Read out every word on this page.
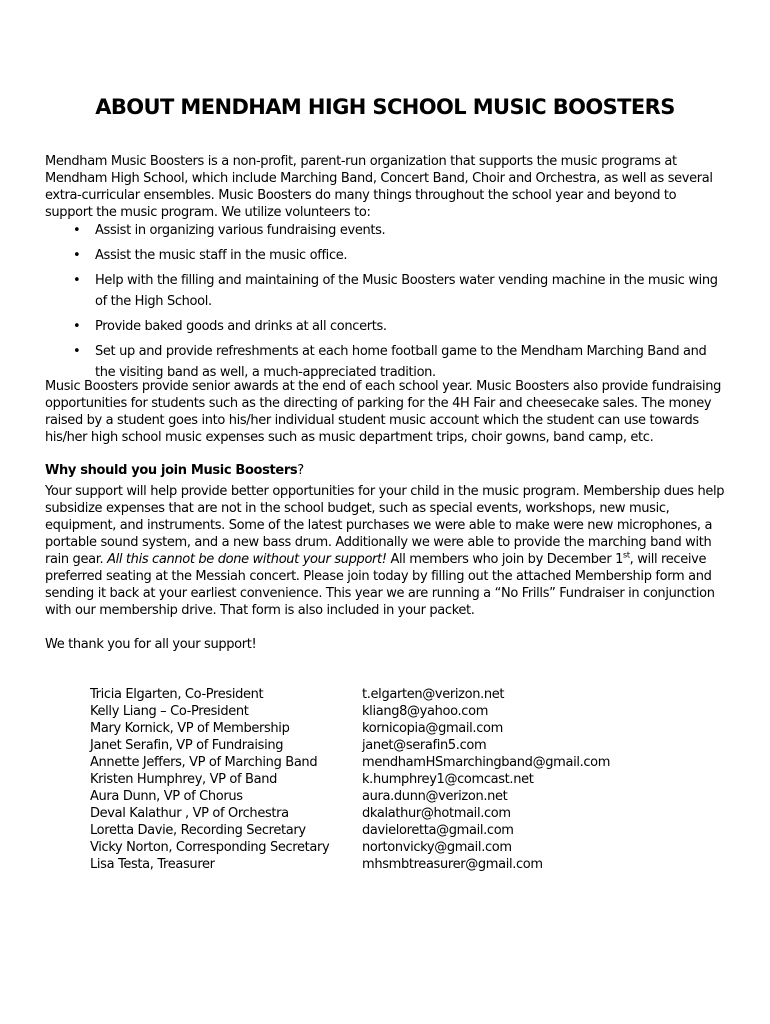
ABOUT MENDHAM HIGH SCHOOL MUSIC BOOSTERS

Mendham Music Boosters is a non-profit, parent-run organization that supports the music programs at Mendham High School, which include Marching Band, Concert Band, Choir and Orchestra, as well as several extra-curricular ensembles. Music Boosters do many things throughout the school year and beyond to support the music program. We utilize volunteers to:

• Assist in organizing various fundraising events.
• Assist the music staff in the music office.
• Help with the filling and maintaining of the Music Boosters water vending machine in the music wing of the High School.
• Provide baked goods and drinks at all concerts.
• Set up and provide refreshments at each home football game to the Mendham Marching Band and the visiting band as well, a much-appreciated tradition.

Music Boosters provide senior awards at the end of each school year. Music Boosters also provide fundraising opportunities for students such as the directing of parking for the 4H Fair and cheesecake sales. The money raised by a student goes into his/her individual student music account which the student can use towards his/her high school music expenses such as music department trips, choir gowns, band camp, etc.

Why should you join Music Boosters?

Your support will help provide better opportunities for your child in the music program. Membership dues help subsidize expenses that are not in the school budget, such as special events, workshops, new music, equipment, and instruments. Some of the latest purchases we were able to make were new microphones, a portable sound system, and a new bass drum. Additionally we were able to provide the marching band with rain gear. All this cannot be done without your support! All members who join by December 1st, will receive preferred seating at the Messiah concert. Please join today by filling out the attached Membership form and sending it back at your earliest convenience. This year we are running a “No Frills” Fundraiser in conjunction with our membership drive. That form is also included in your packet.

We thank you for all your support!

Tricia Elgarten, Co-President	t.elgarten@verizon.net
Kelly Liang – Co-President	kliang8@yahoo.com
Mary Kornick, VP of Membership	kornicopia@gmail.com
Janet Serafin, VP of Fundraising	janet@serafin5.com
Annette Jeffers, VP of Marching Band	mendhamHSmarchingband@gmail.com
Kristen Humphrey, VP of Band	k.humphrey1@comcast.net
Aura Dunn, VP of Chorus	aura.dunn@verizon.net
Deval Kalathur , VP of Orchestra	dkalathur@hotmail.com
Loretta Davie, Recording Secretary	davieloretta@gmail.com
Vicky Norton, Corresponding Secretary	nortonvicky@gmail.com
Lisa Testa, Treasurer	mhsmbtreasurer@gmail.com
